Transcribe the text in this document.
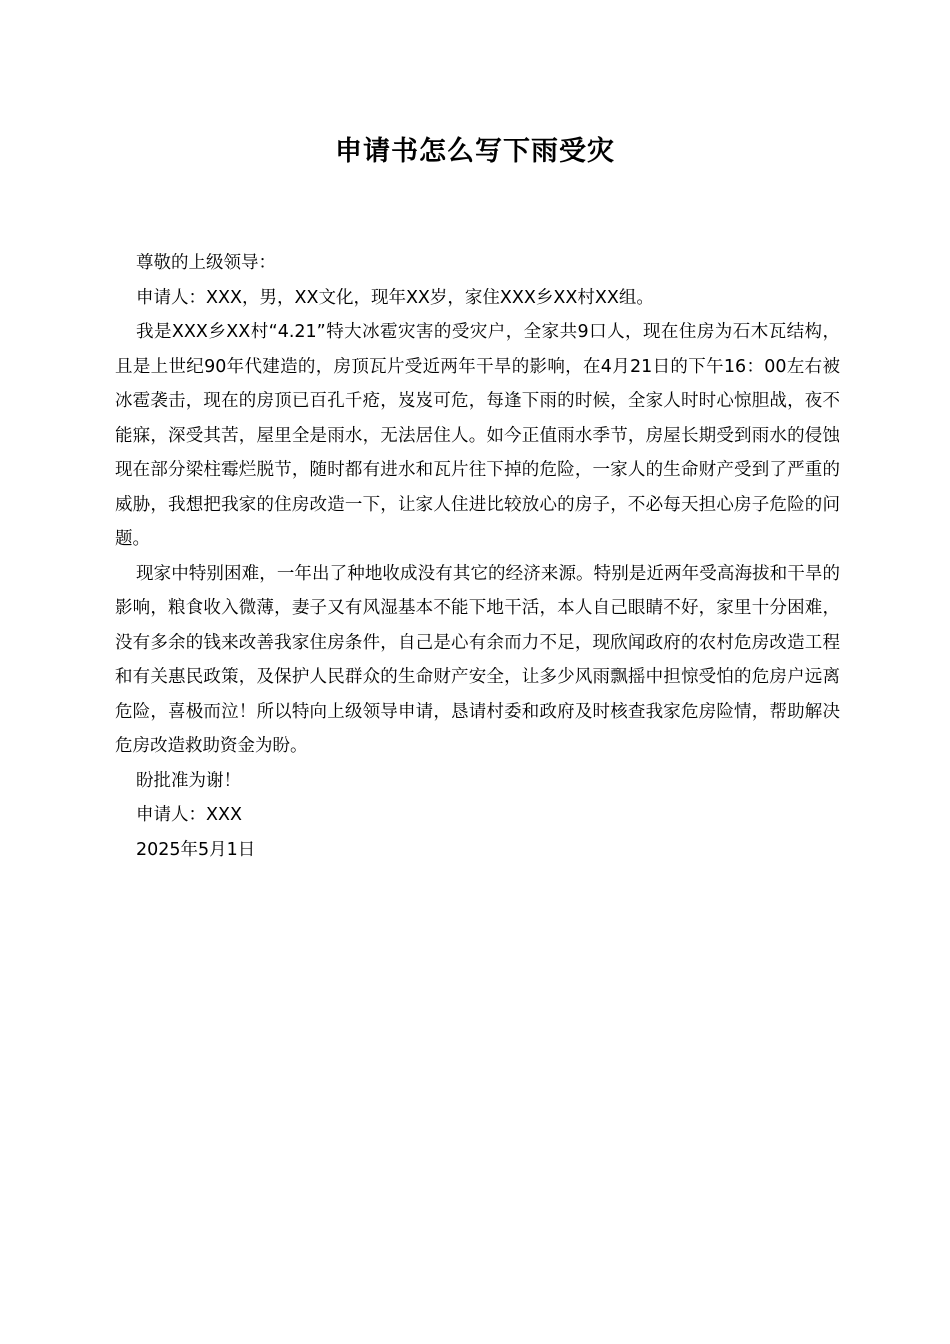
申请书怎么写下雨受灾

尊敬的上级领导：

申请人：XXX，男，XX文化，现年XX岁，家住XXX乡XX村XX组。

我是XXX乡XX村“4.21”特大冰雹灾害的受灾户，全家共9口人，现在住房为石木瓦结构，且是上世纪90年代建造的，房顶瓦片受近两年干旱的影响，在4月21日的下午16：00左右被冰雹袭击，现在的房顶已百孔千疮，岌岌可危，每逢下雨的时候，全家人时时心惊胆战，夜不能寐，深受其苦，屋里全是雨水，无法居住人。如今正值雨水季节，房屋长期受到雨水的侵蚀现在部分梁柱霉烂脱节，随时都有进水和瓦片往下掉的危险，一家人的生命财产受到了严重的威胁，我想把我家的住房改造一下，让家人住进比较放心的房子，不必每天担心房子危险的问题。

现家中特别困难，一年出了种地收成没有其它的经济来源。特别是近两年受高海拔和干旱的影响，粮食收入微薄，妻子又有风湿基本不能下地干活，本人自己眼睛不好，家里十分困难，没有多余的钱来改善我家住房条件，自己是心有余而力不足，现欣闻政府的农村危房改造工程和有关惠民政策，及保护人民群众的生命财产安全，让多少风雨飘摇中担惊受怕的危房户远离危险，喜极而泣！所以特向上级领导申请，恳请村委和政府及时核查我家危房险情，帮助解决危房改造救助资金为盼。

盼批准为谢！

申请人：XXX

2025年5月1日
